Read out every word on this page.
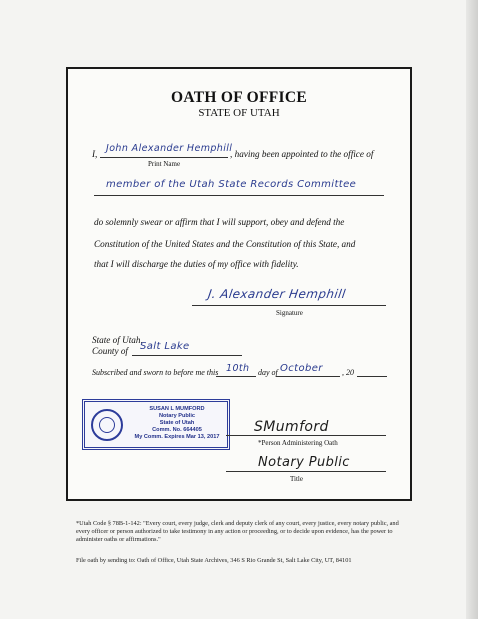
OATH OF OFFICE
STATE OF UTAH
I, John Alexander Hemphill
, having been appointed to the office of
Print Name
member of the Utah State Records Committee
do solemnly swear or affirm that I will support, obey and defend the
Constitution of the United States and the Constitution of this State, and
that I will discharge the duties of my office with fidelity.
J. Alexander Hemphill
Signature
State of Utah,
County of Salt Lake
Subscribed and sworn to before me this 10th day of October , 20
SUSAN L MUMFORD
Notary Public
State of Utah
Comm. No. 664405
My Comm. Expires Mar 13, 2017
SMumford
*Person Administering Oath
Notary Public
Title
*Utah Code § 78B-1-142: "Every court, every judge, clerk and deputy clerk of any court, every justice, every notary public, and every officer or person authorized to take testimony in any action or proceeding, or to decide upon evidence, has the power to administer oaths or affirmations."
File oath by sending to: Oath of Office, Utah State Archives, 346 S Rio Grande St, Salt Lake City, UT, 84101
